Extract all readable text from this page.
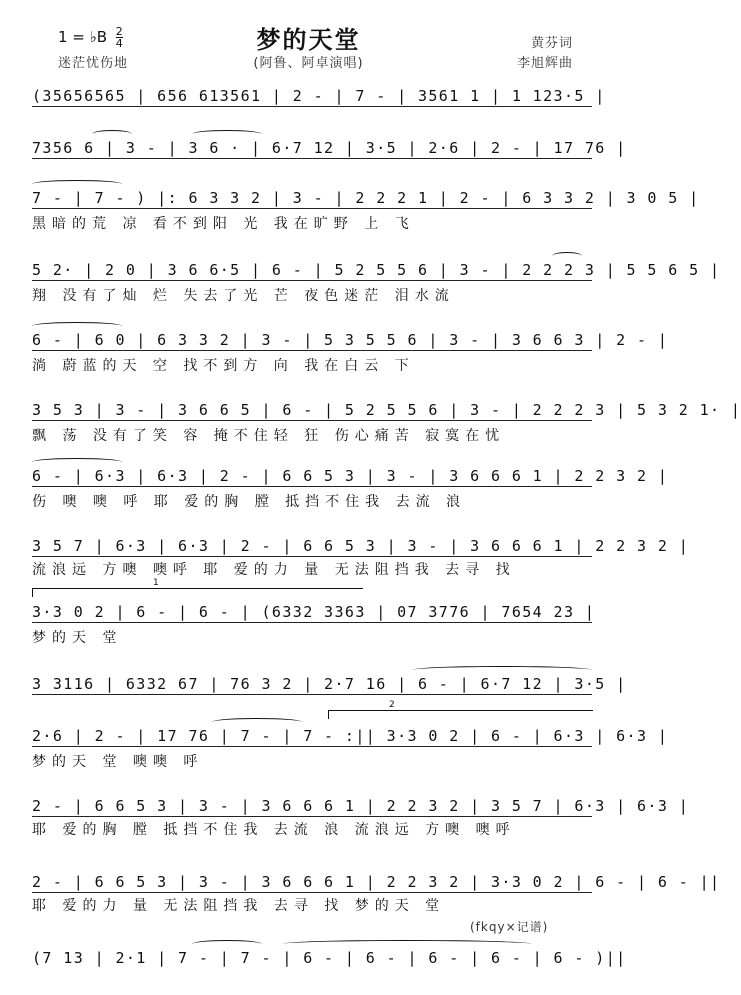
梦的天堂
1 = ♭B $\frac{2}{4}$
迷茫忧伤地	(阿鲁、阿卓演唱)
黄芬词
李旭辉曲
(35656565 | 656 613561 | 2 - | 7 - | 3561 1 | 1 123·5 |
7356 6 | 3 - | 3 6 · | 6·7 12 | 3·5 | 2·6 | 2 - | 17 76 |
7 - | 7 - ) |: 6 3 3 2 | 3 - | 2 2 2 1 | 2 - | 6 3 3 2 | 3 0 5 |
黑暗的荒 凉 看不到阳 光 我在旷野 上 飞
5 2· | 2 0 | 3 6 6·5 | 6 - | 5 2 5 5 6 | 3 - | 2 2 2 3 | 5 5 6 5 |
翔 没有了灿 烂 失去了光 芒 夜色迷茫 泪水流
6 - | 6 0 | 6 3 3 2 | 3 - | 5 3 5 5 6 | 3 - | 3 6 6 3 | 2 - |
淌 蔚蓝的天 空 找不到方 向 我在白云 下
3 5 3 | 3 - | 3 6 6 5 | 6 - | 5 2 5 5 6 | 3 - | 2 2 2 3 | 5 3 2 1· |
飘 荡 没有了笑 容 掩不住轻 狂 伤心痛苦 寂寞在忧
6 - | 6·3 | 6·3 | 2 - | 6 6 5 3 | 3 - | 3 6 6 6 1 | 2 2 3 2 |
伤 噢 噢 呼 耶 爱的胸 膛 抵挡不住我 去流 浪
3 5 7 | 6·3 | 6·3 | 2 - | 6 6 5 3 | 3 - | 3 6 6 6 1 | 2 2 3 2 |
流浪远 方噢 噢呼 耶 爱的力 量 无法阻挡我 去寻 找
1
3·3 0 2 | 6 - | 6 - | (6332 3363 | 07 3776 | 7654 23 |
梦的天 堂
3 3116 | 6332 67 | 76 3 2 | 2·7 16 | 6 - | 6·7 12 | 3·5 |
2
2·6 | 2 - | 17 76 | 7 - | 7 - :|| 3·3 0 2 | 6 - | 6·3 | 6·3 |
梦的天 堂 噢噢 呼
2 - | 6 6 5 3 | 3 - | 3 6 6 6 1 | 2 2 3 2 | 3 5 7 | 6·3 | 6·3 |
耶 爱的胸 膛 抵挡不住我 去流 浪 流浪远 方噢 噢呼
2 - | 6 6 5 3 | 3 - | 3 6 6 6 1 | 2 2 3 2 | 3·3 0 2 | 6 - | 6 - ||
耶 爱的力 量 无法阻挡我 去寻 找 梦的天 堂
(fkqy×记谱)
(7 13 | 2·1 | 7 - | 7 - | 6 - | 6 - | 6 - | 6 - | 6 - )||
